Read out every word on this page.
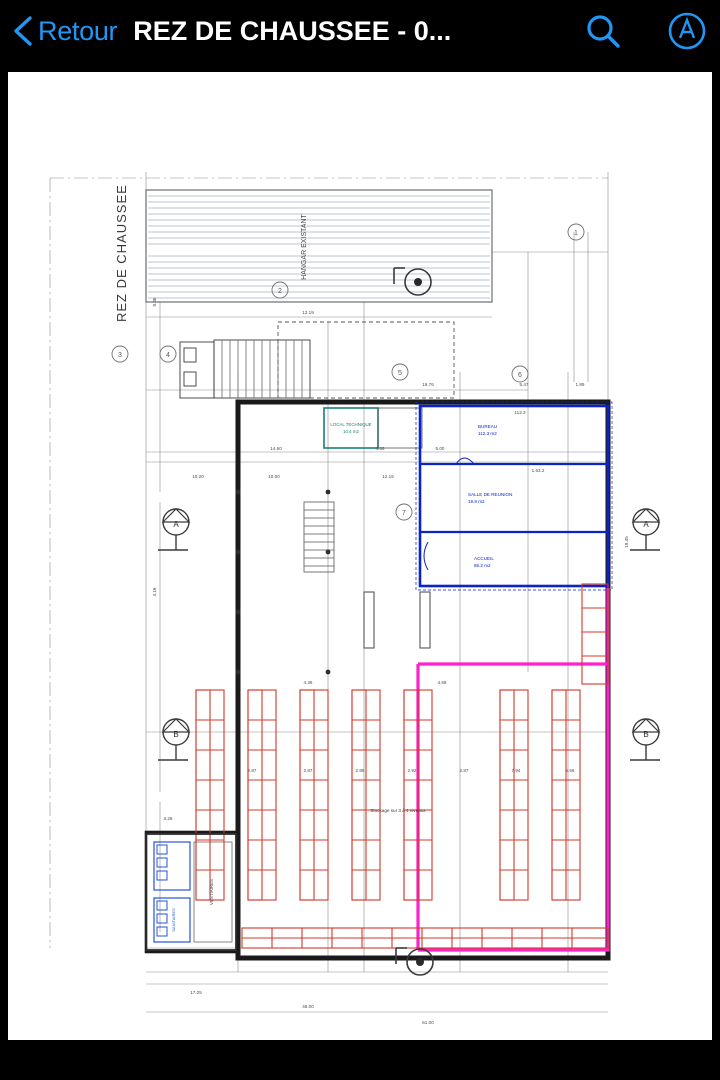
Retour REZ DE CHAUSSEE - 0...
HANGAR EXISTANT
REZ DE CHAUSSEE
LOCAL TECHNIQUE
10.4 m2
BUREAU
112.3 m2
SALLE DE REUNION
19.8 m2
ACCUEIL
86.2 m2
Stockage sur 3 à 4 niveaux
VESTIAIRES
SANITAIRES
1
2
3	4
5	6
7
A	A
B	B
12.19
19.76	5.47	1.89
14.60	4.66	5.00
112.3
1.63.2
12.15
10.20	10.00
4.36	4.58
2.87	2.87	2.85	2.92	2.87	7.94	5.56
46.00
61.00
17.25
3.26
8.46
4.16
19.45
